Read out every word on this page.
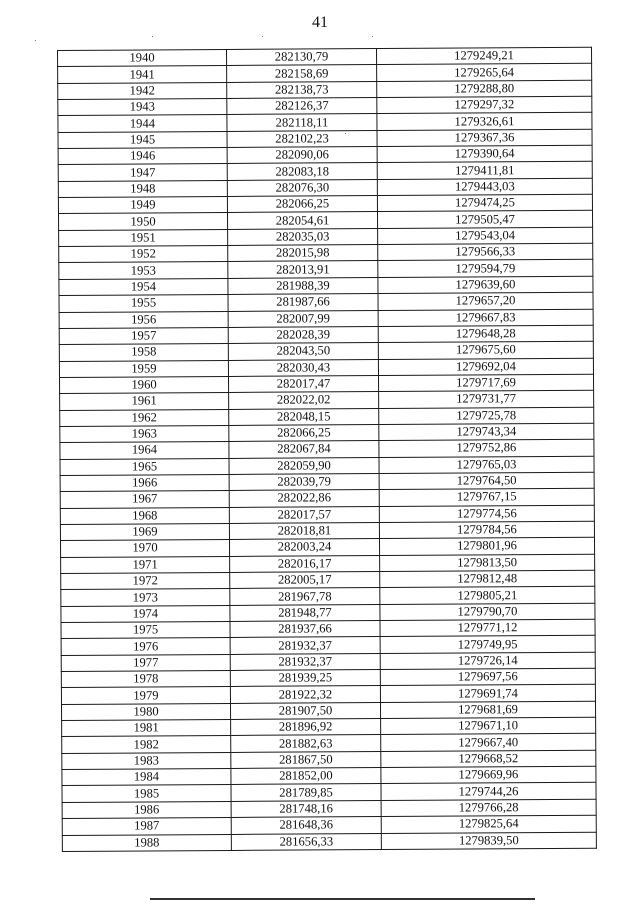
41
1940	282130,79	1279249,21
1941	282158,69	1279265,64
1942	282138,73	1279288,80
1943	282126,37	1279297,32
1944	282118,11	1279326,61
1945	282102,23	1279367,36
1946	282090,06	1279390,64
1947	282083,18	1279411,81
1948	282076,30	1279443,03
1949	282066,25	1279474,25
1950	282054,61	1279505,47
1951	282035,03	1279543,04
1952	282015,98	1279566,33
1953	282013,91	1279594,79
1954	281988,39	1279639,60
1955	281987,66	1279657,20
1956	282007,99	1279667,83
1957	282028,39	1279648,28
1958	282043,50	1279675,60
1959	282030,43	1279692,04
1960	282017,47	1279717,69
1961	282022,02	1279731,77
1962	282048,15	1279725,78
1963	282066,25	1279743,34
1964	282067,84	1279752,86
1965	282059,90	1279765,03
1966	282039,79	1279764,50
1967	282022,86	1279767,15
1968	282017,57	1279774,56
1969	282018,81	1279784,56
1970	282003,24	1279801,96
1971	282016,17	1279813,50
1972	282005,17	1279812,48
1973	281967,78	1279805,21
1974	281948,77	1279790,70
1975	281937,66	1279771,12
1976	281932,37	1279749,95
1977	281932,37	1279726,14
1978	281939,25	1279697,56
1979	281922,32	1279691,74
1980	281907,50	1279681,69
1981	281896,92	1279671,10
1982	281882,63	1279667,40
1983	281867,50	1279668,52
1984	281852,00	1279669,96
1985	281789,85	1279744,26
1986	281748,16	1279766,28
1987	281648,36	1279825,64
1988	281656,33	1279839,50
